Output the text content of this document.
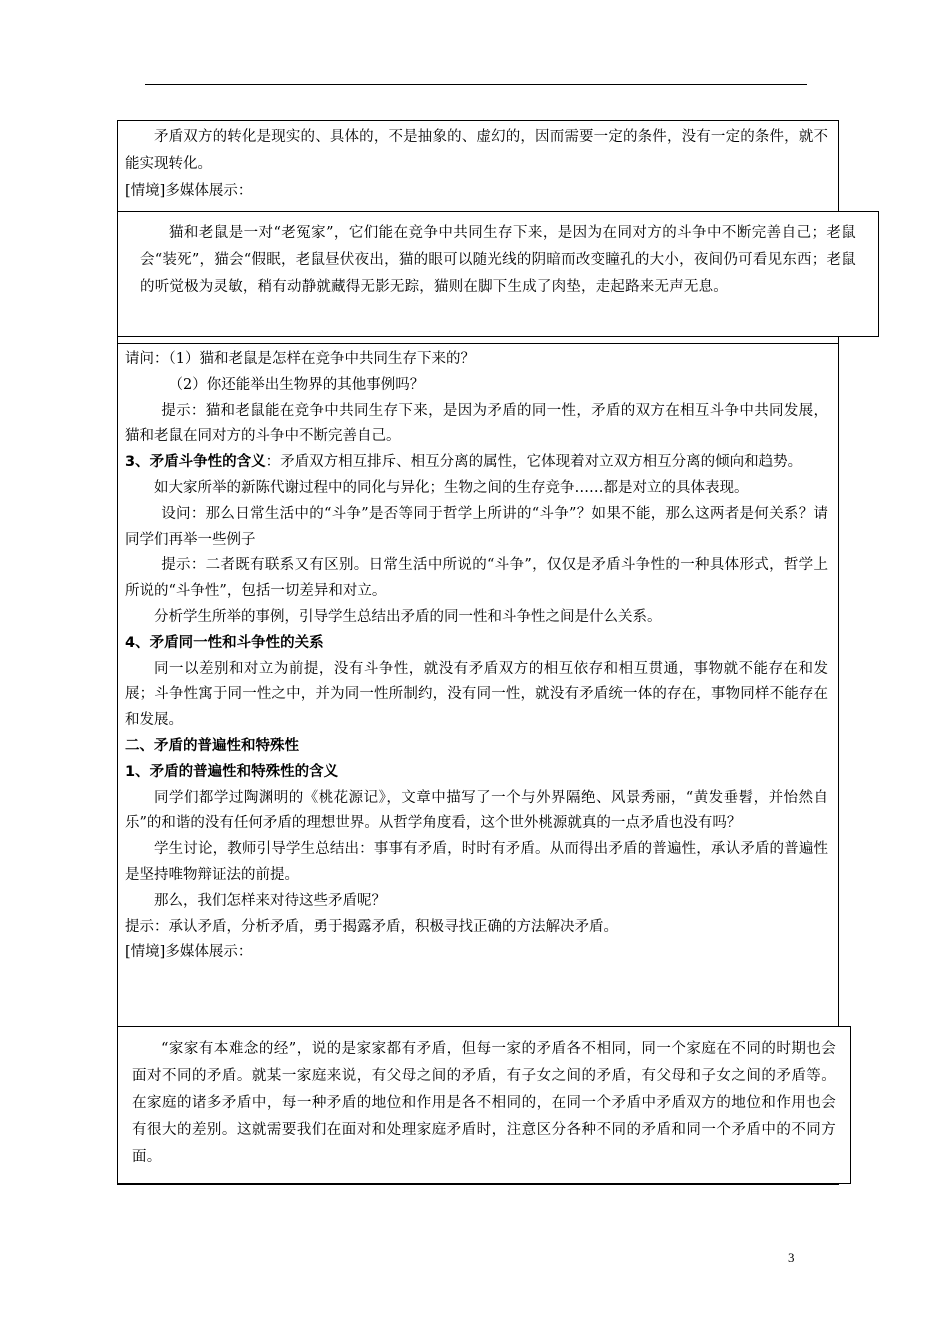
矛盾双方的转化是现实的、具体的，不是抽象的、虚幻的，因而需要一定的条件，没有一定的条件，就不能实现转化。

[情境]多媒体展示：

猫和老鼠是一对“老冤家”，它们能在竞争中共同生存下来，是因为在同对方的斗争中不断完善自己；老鼠会“装死”，猫会“假眠，老鼠昼伏夜出，猫的眼可以随光线的阴暗而改变瞳孔的大小，夜间仍可看见东西；老鼠的听觉极为灵敏，稍有动静就藏得无影无踪，猫则在脚下生成了肉垫，走起路来无声无息。

请问：（1）猫和老鼠是怎样在竞争中共同生存下来的？

（2）你还能举出生物界的其他事例吗？

提示：猫和老鼠能在竞争中共同生存下来，是因为矛盾的同一性，矛盾的双方在相互斗争中共同发展，猫和老鼠在同对方的斗争中不断完善自己。

3、矛盾斗争性的含义：矛盾双方相互排斥、相互分离的属性，它体现着对立双方相互分离的倾向和趋势。

如大家所举的新陈代谢过程中的同化与异化；生物之间的生存竞争……都是对立的具体表现。

设问：那么日常生活中的“斗争”是否等同于哲学上所讲的“斗争”？如果不能，那么这两者是何关系？请同学们再举一些例子

提示：二者既有联系又有区别。日常生活中所说的“斗争”，仅仅是矛盾斗争性的一种具体形式，哲学上所说的“斗争性”，包括一切差异和对立。

分析学生所举的事例，引导学生总结出矛盾的同一性和斗争性之间是什么关系。

4、矛盾同一性和斗争性的关系

同一以差别和对立为前提，没有斗争性，就没有矛盾双方的相互依存和相互贯通，事物就不能存在和发展；斗争性寓于同一性之中，并为同一性所制约，没有同一性，就没有矛盾统一体的存在，事物同样不能存在和发展。

二、矛盾的普遍性和特殊性

1、矛盾的普遍性和特殊性的含义

同学们都学过陶渊明的《桃花源记》，文章中描写了一个与外界隔绝、风景秀丽，“黄发垂髫，并怡然自乐”的和谐的没有任何矛盾的理想世界。从哲学角度看，这个世外桃源就真的一点矛盾也没有吗？

学生讨论，教师引导学生总结出：事事有矛盾，时时有矛盾。从而得出矛盾的普遍性，承认矛盾的普遍性是坚持唯物辩证法的前提。

那么，我们怎样来对待这些矛盾呢？

提示：承认矛盾，分析矛盾，勇于揭露矛盾，积极寻找正确的方法解决矛盾。

[情境]多媒体展示：

“家家有本难念的经”，说的是家家都有矛盾，但每一家的矛盾各不相同，同一个家庭在不同的时期也会面对不同的矛盾。就某一家庭来说，有父母之间的矛盾，有子女之间的矛盾，有父母和子女之间的矛盾等。在家庭的诸多矛盾中，每一种矛盾的地位和作用是各不相同的，在同一个矛盾中矛盾双方的地位和作用也会有很大的差别。这就需要我们在面对和处理家庭矛盾时，注意区分各种不同的矛盾和同一个矛盾中的不同方面。

3
